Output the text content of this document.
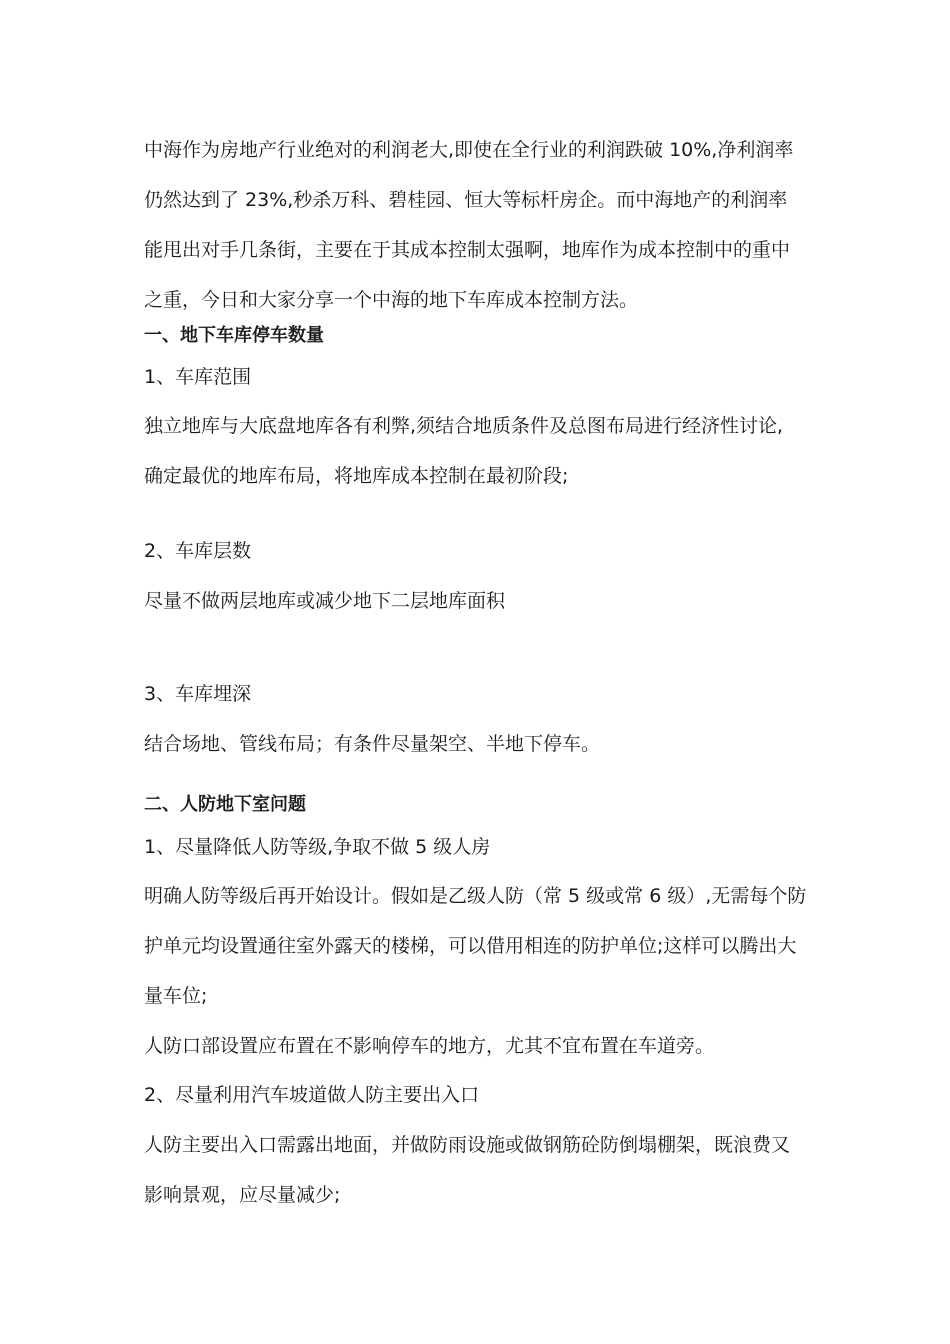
中海作为房地产行业绝对的利润老大,即使在全行业的利润跌破 10%,净利润率
仍然达到了 23%,秒杀万科、碧桂园、恒大等标杆房企。而中海地产的利润率
能甩出对手几条街，主要在于其成本控制太强啊，地库作为成本控制中的重中
之重，今日和大家分享一个中海的地下车库成本控制方法。
一、地下车库停车数量
1、车库范围
独立地库与大底盘地库各有利弊,须结合地质条件及总图布局进行经济性讨论,
确定最优的地库布局，将地库成本控制在最初阶段;
2、车库层数
尽量不做两层地库或减少地下二层地库面积
3、车库埋深
结合场地、管线布局；有条件尽量架空、半地下停车。
二、人防地下室问题
1、尽量降低人防等级,争取不做 5 级人房
明确人防等级后再开始设计。假如是乙级人防（常 5 级或常 6 级）,无需每个防
护单元均设置通往室外露天的楼梯，可以借用相连的防护单位;这样可以腾出大
量车位;
人防口部设置应布置在不影响停车的地方，尤其不宜布置在车道旁。
2、尽量利用汽车坡道做人防主要出入口
人防主要出入口需露出地面，并做防雨设施或做钢筋砼防倒塌棚架，既浪费又
影响景观，应尽量减少;
